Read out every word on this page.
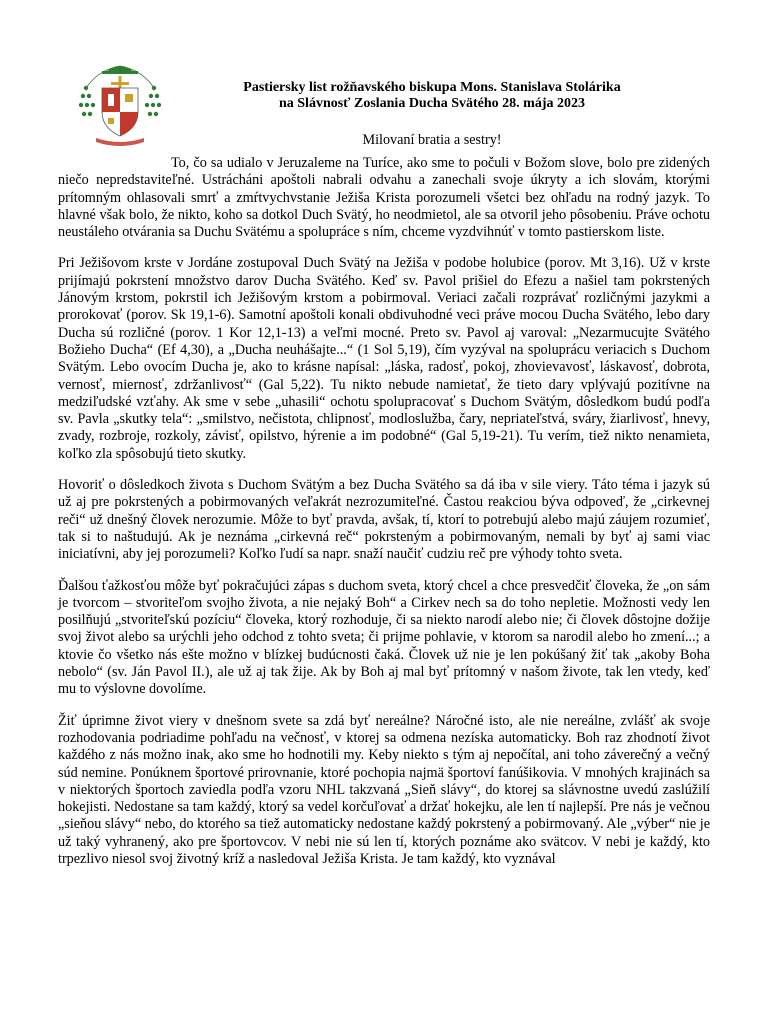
Pastiersky list rožňavského biskupa Mons. Stanislava Stolárika
na Slávnosť Zoslania Ducha Svätého 28. mája 2023
Milovaní bratia a sestry!

To, čo sa udialo v Jeruzaleme na Turíce, ako sme to počuli v Božom slove, bolo pre zidených niečo nepredstaviteľné. Ustrácháni apoštoli nabrali odvahu a zanechali svoje úkryty a ich slovám, ktorými prítomným ohlasovali smrť a zmŕtvychvstanie Ježiša Krista porozumeli všetci bez ohľadu na rodný jazyk. To hlavné však bolo, že nikto, koho sa dotkol Duch Svätý, ho neodmietol, ale sa otvoril jeho pôsobeniu. Práve ochotu neustáleho otvárania sa Duchu Svätému a spolupráce s ním, chceme vyzdvihnúť v tomto pastierskom liste.

Pri Ježišovom krste v Jordáne zostupoval Duch Svätý na Ježiša v podobe holubice (porov. Mt 3,16). Už v krste prijímajú pokrstení množstvo darov Ducha Svätého. Keď sv. Pavol prišiel do Efezu a našiel tam pokrstených Jánovým krstom, pokrstil ich Ježišovým krstom a pobirmoval. Veriaci začali rozprávať rozličnými jazykmi a prorokovať (porov. Sk 19,1-6). Samotní apoštoli konali obdivuhodné veci práve mocou Ducha Svätého, lebo dary Ducha sú rozličné (porov. 1 Kor 12,1-13) a veľmi mocné. Preto sv. Pavol aj varoval: „Nezarmucujte Svätého Božieho Ducha“ (Ef 4,30), a „Ducha neuhášajte...“ (1 Sol 5,19), čím vyzýval na spoluprácu veriacich s Duchom Svätým. Lebo ovocím Ducha je, ako to krásne napísal: „láska, radosť, pokoj, zhovievavosť, láskavosť, dobrota, vernosť, miernosť, zdržanlivosť“ (Gal 5,22). Tu nikto nebude namietať, že tieto dary vplývajú pozitívne na medziľudské vzťahy. Ak sme v sebe „uhasili“ ochotu spolupracovať s Duchom Svätým, dôsledkom budú podľa sv. Pavla „skutky tela“: „smilstvo, nečistota, chlipnosť, modloslužba, čary, nepriateľstvá, sváry, žiarlivosť, hnevy, zvady, rozbroje, rozkoly, závisť, opilstvo, hýrenie a im podobné“ (Gal 5,19-21). Tu verím, tiež nikto nenamieta, koľko zla spôsobujú tieto skutky.

Hovoriť o dôsledkoch života s Duchom Svätým a bez Ducha Svätého sa dá iba v sile viery. Táto téma i jazyk sú už aj pre pokrstených a pobirmovaných veľakrát nezrozumiteľné. Častou reakciou býva odpoveď, že „cirkevnej reči“ už dnešný človek nerozumie. Môže to byť pravda, avšak, tí, ktorí to potrebujú alebo majú záujem rozumieť, tak si to naštudujú. Ak je neznáma „cirkevná reč“ pokrsteným a pobirmovaným, nemali by byť aj sami viac iniciatívni, aby jej porozumeli? Koľko ľudí sa napr. snaží naučiť cudziu reč pre výhody tohto sveta.

Ďalšou ťažkosťou môže byť pokračujúci zápas s duchom sveta, ktorý chcel a chce presvedčiť človeka, že „on sám je tvorcom – stvoriteľom svojho života, a nie nejaký Boh“ a Cirkev nech sa do toho nepletie. Možnosti vedy len posilňujú „stvoriteľskú pozíciu“ človeka, ktorý rozhoduje, či sa niekto narodí alebo nie; či človek dôstojne dožije svoj život alebo sa urýchli jeho odchod z tohto sveta; či prijme pohlavie, v ktorom sa narodil alebo ho zmení...; a ktovie čo všetko nás ešte možno v blízkej budúcnosti čaká. Človek už nie je len pokúšaný žiť tak „akoby Boha nebolo“ (sv. Ján Pavol II.), ale už aj tak žije. Ak by Boh aj mal byť prítomný v našom živote, tak len vtedy, keď mu to výslovne dovolíme.

Žiť úprimne život viery v dnešnom svete sa zdá byť nereálne? Náročné isto, ale nie nereálne, zvlášť ak svoje rozhodovania podriadime pohľadu na večnosť, v ktorej sa odmena nezíska automaticky. Boh raz zhodnotí život každého z nás možno inak, ako sme ho hodnotili my. Keby niekto s tým aj nepočítal, ani toho záverečný a večný súd nemine. Ponúknem športové prirovnanie, ktoré pochopia najmä športoví fanúšikovia. V mnohých krajinách sa v niektorých športoch zaviedla podľa vzoru NHL takzvaná „Sieň slávy“, do ktorej sa slávnostne uvedú zaslúžilí hokejisti. Nedostane sa tam každý, ktorý sa vedel korčuľovať a držať hokejku, ale len tí najlepší. Pre nás je večnou „sieňou slávy“ nebo, do ktorého sa tiež automaticky nedostane každý pokrstený a pobirmovaný. Ale „výber“ nie je už taký vyhranený, ako pre športovcov. V nebi nie sú len tí, ktorých poznáme ako svätcov. V nebi je každý, kto trpezlivo niesol svoj životný kríž a nasledoval Ježiša Krista. Je tam každý, kto vyznával
